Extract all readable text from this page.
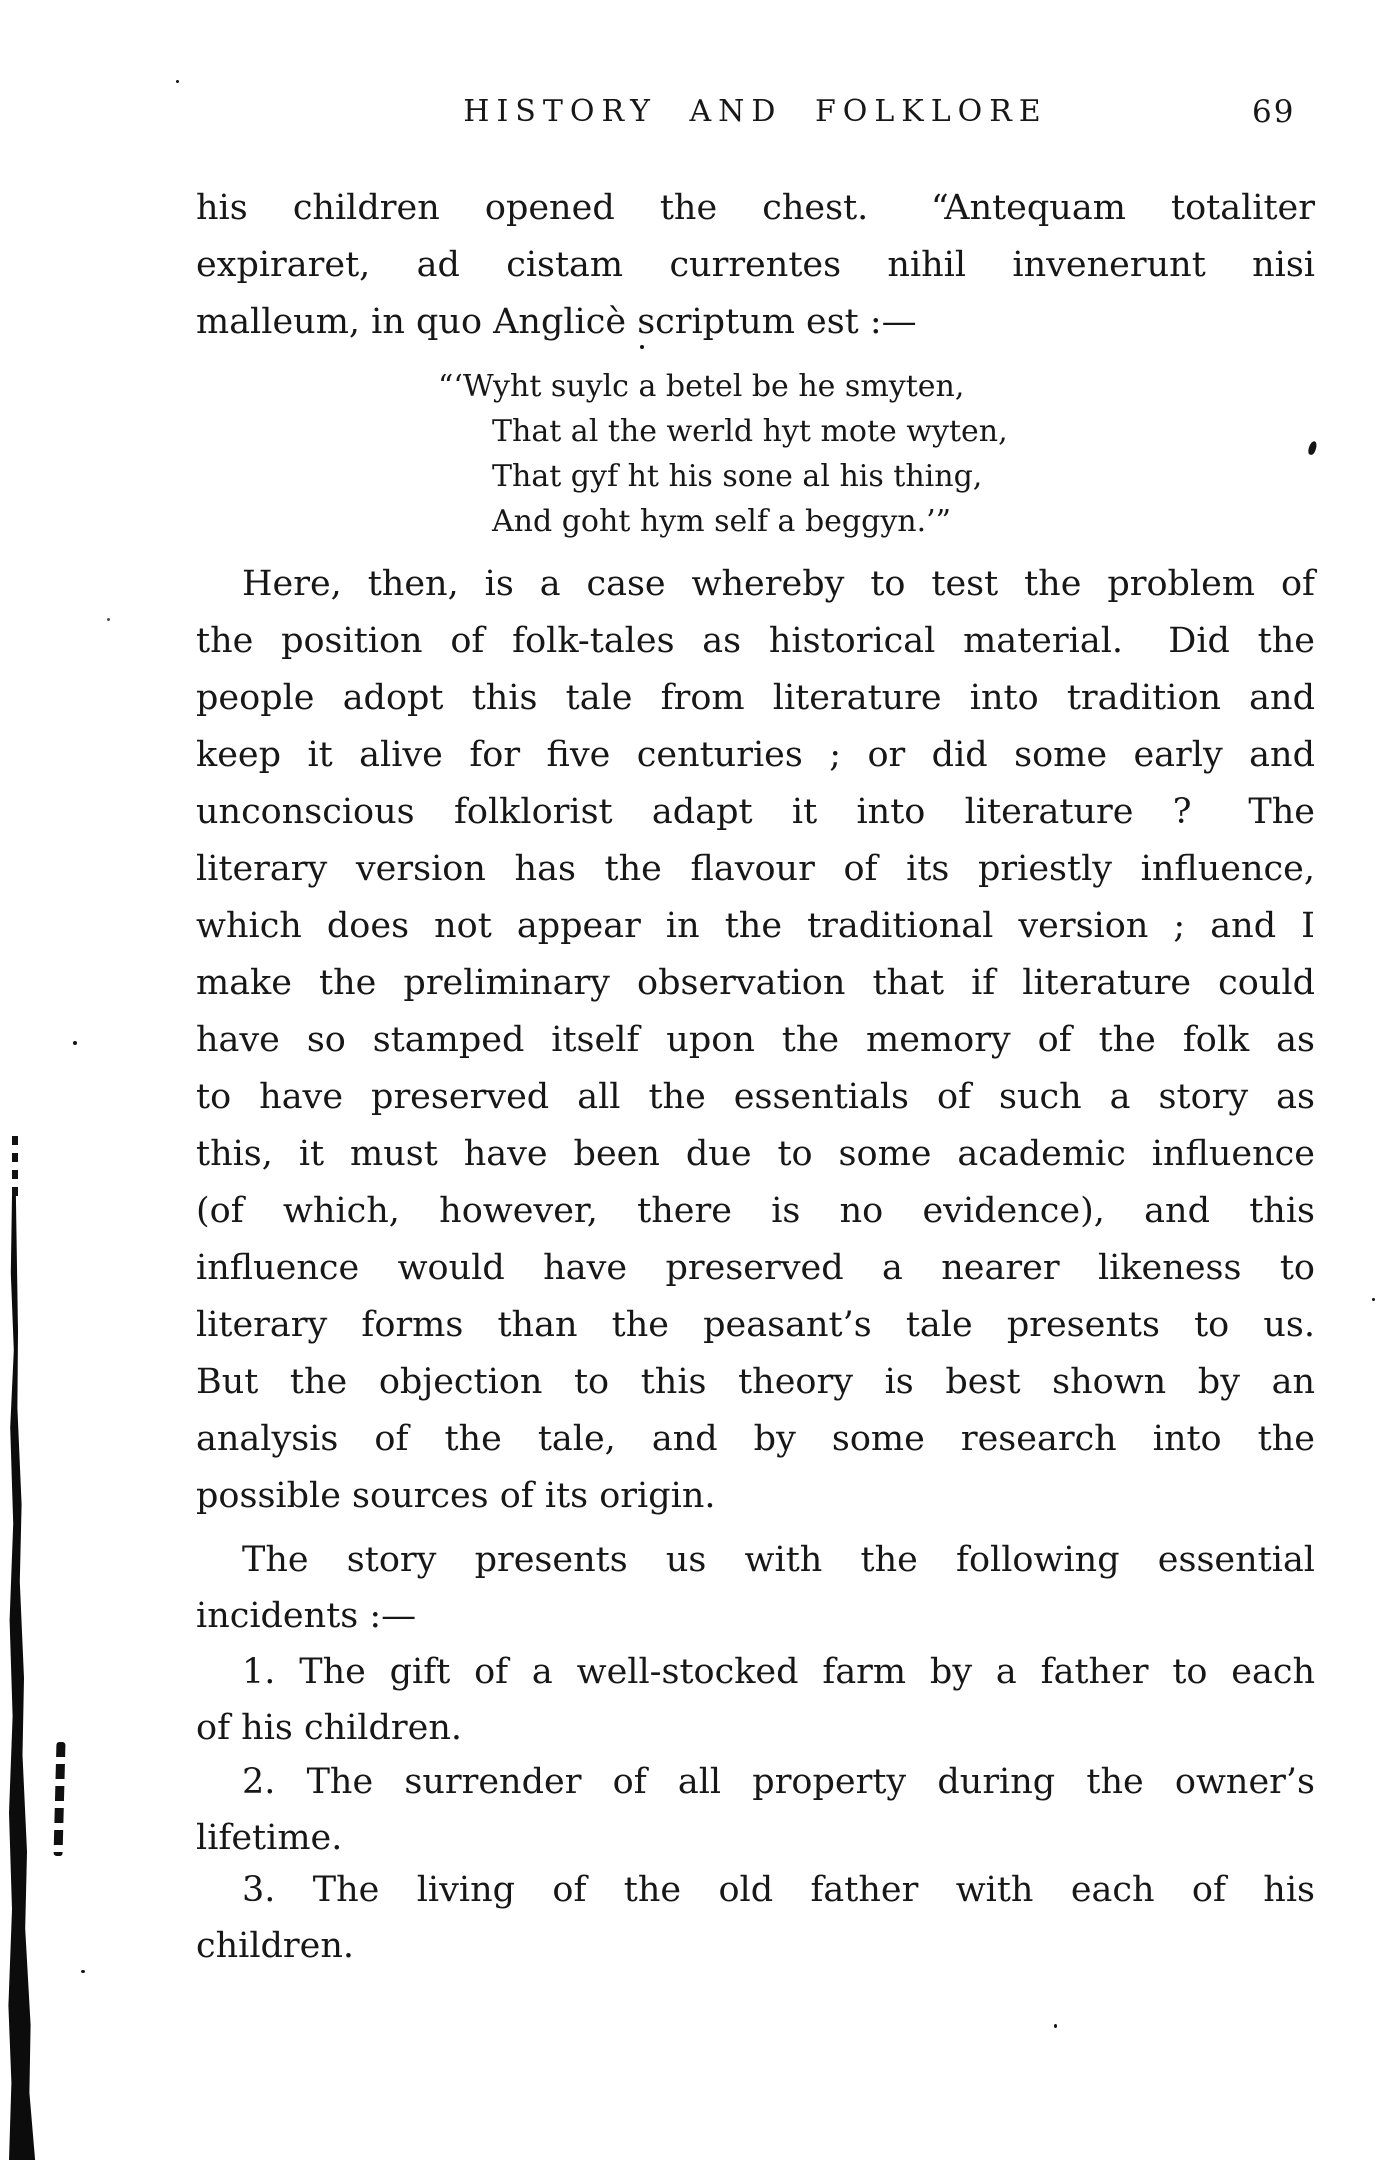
HISTORY AND FOLKLORE	69
his children opened the chest.  “Antequam totaliter
expiraret, ad cistam currentes nihil invenerunt nisi
malleum, in quo Anglicè scriptum est :—
“‘Wyht suylc a betel be he smyten,
That al the werld hyt mote wyten,
That gyf ht his sone al his thing,
And goht hym self a beggyn.’”
Here, then, is a case whereby to test the problem of
the position of folk-tales as historical material.  Did the
people adopt this tale from literature into tradition and
keep it alive for five centuries ; or did some early and
unconscious folklorist adapt it into literature ?  The
literary version has the flavour of its priestly influence,
which does not appear in the traditional version ; and I
make the preliminary observation that if literature could
have so stamped itself upon the memory of the folk as
to have preserved all the essentials of such a story as
this, it must have been due to some academic influence
(of which, however, there is no evidence), and this
influence would have preserved a nearer likeness to
literary forms than the peasant’s tale presents to us.
But the objection to this theory is best shown by an
analysis of the tale, and by some research into the
possible sources of its origin.
The story presents us with the following essential
incidents :—
1. The gift of a well-stocked farm by a father to each
of his children.
2. The surrender of all property during the owner’s
lifetime.
3. The living of the old father with each of his
children.
